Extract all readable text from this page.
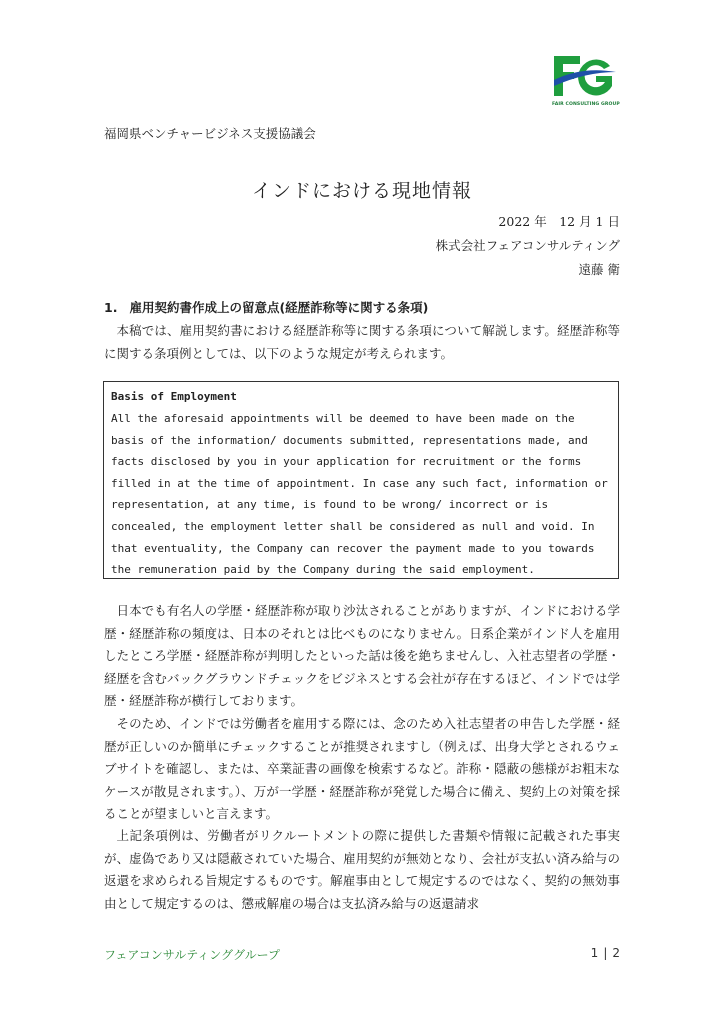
FAIR CONSULTING GROUP
福岡県ベンチャービジネス支援協議会
インドにおける現地情報
2022 年　12 月 1 日
株式会社フェアコンサルティング
遠藤 衛
1. 雇用契約書作成上の留意点(経歴詐称等に関する条項)
本稿では、雇用契約書における経歴詐称等に関する条項について解説します。経歴詐称等に関する条項例としては、以下のような規定が考えられます。
Basis of Employment
All the aforesaid appointments will be deemed to have been made on the
basis of the information/ documents submitted, representations made, and
facts disclosed by you in your application for recruitment or the forms
filled in at the time of appointment. In case any such fact, information or
representation, at any time, is found to be wrong/ incorrect or is
concealed, the employment letter shall be considered as null and void. In
that eventuality, the Company can recover the payment made to you towards
the remuneration paid by the Company during the said employment.
日本でも有名人の学歴・経歴詐称が取り沙汰されることがありますが、インドにおける学歴・経歴詐称の頻度は、日本のそれとは比べものになりません。日系企業がインド人を雇用したところ学歴・経歴詐称が判明したといった話は後を絶ちませんし、入社志望者の学歴・経歴を含むバックグラウンドチェックをビジネスとする会社が存在するほど、インドでは学歴・経歴詐称が横行しております。
そのため、インドでは労働者を雇用する際には、念のため入社志望者の申告した学歴・経歴が正しいのか簡単にチェックすることが推奨されますし（例えば、出身大学とされるウェブサイトを確認し、または、卒業証書の画像を検索するなど。詐称・隠蔽の態様がお粗末なケースが散見されます。）、万が一学歴・経歴詐称が発覚した場合に備え、契約上の対策を採ることが望ましいと言えます。
上記条項例は、労働者がリクルートメントの際に提供した書類や情報に記載された事実が、虚偽であり又は隠蔽されていた場合、雇用契約が無効となり、会社が支払い済み給与の返還を求められる旨規定するものです。解雇事由として規定するのではなく、契約の無効事由として規定するのは、懲戒解雇の場合は支払済み給与の返還請求
フェアコンサルティンググループ	1 | 2
